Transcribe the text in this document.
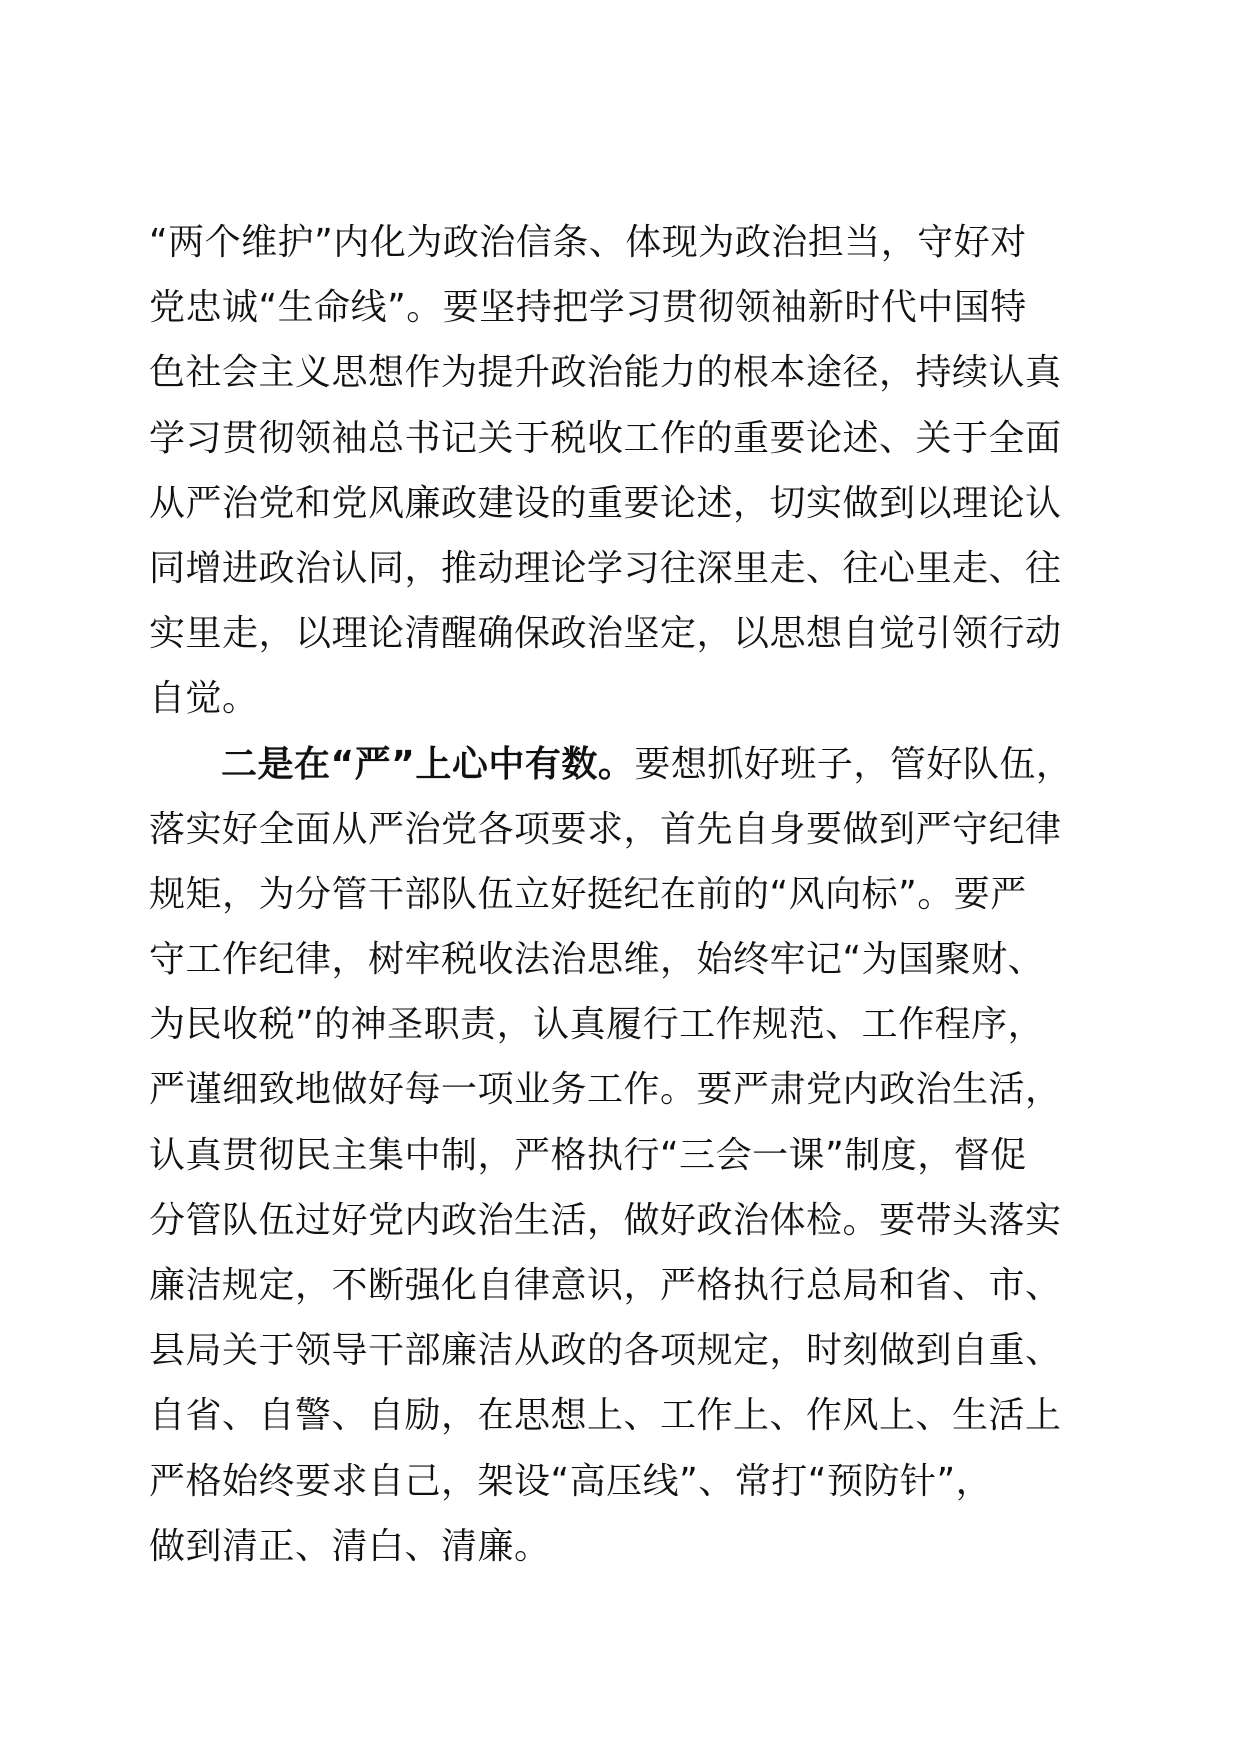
“两个维护”内化为政治信条、体现为政治担当，守好对
党忠诚“生命线”。要坚持把学习贯彻领袖新时代中国特
色社会主义思想作为提升政治能力的根本途径，持续认真
学习贯彻领袖总书记关于税收工作的重要论述、关于全面
从严治党和党风廉政建设的重要论述，切实做到以理论认
同增进政治认同，推动理论学习往深里走、往心里走、往
实里走，以理论清醒确保政治坚定，以思想自觉引领行动
自觉。
二是在“严”上心中有数。要想抓好班子，管好队伍，
落实好全面从严治党各项要求，首先自身要做到严守纪律
规矩，为分管干部队伍立好挺纪在前的“风向标”。要严
守工作纪律，树牢税收法治思维，始终牢记“为国聚财、
为民收税”的神圣职责，认真履行工作规范、工作程序，
严谨细致地做好每一项业务工作。要严肃党内政治生活，
认真贯彻民主集中制，严格执行“三会一课”制度，督促
分管队伍过好党内政治生活，做好政治体检。要带头落实
廉洁规定，不断强化自律意识，严格执行总局和省、市、
县局关于领导干部廉洁从政的各项规定，时刻做到自重、
自省、自警、自励，在思想上、工作上、作风上、生活上
严格始终要求自己，架设“高压线”、常打“预防针”，
做到清正、清白、清廉。
